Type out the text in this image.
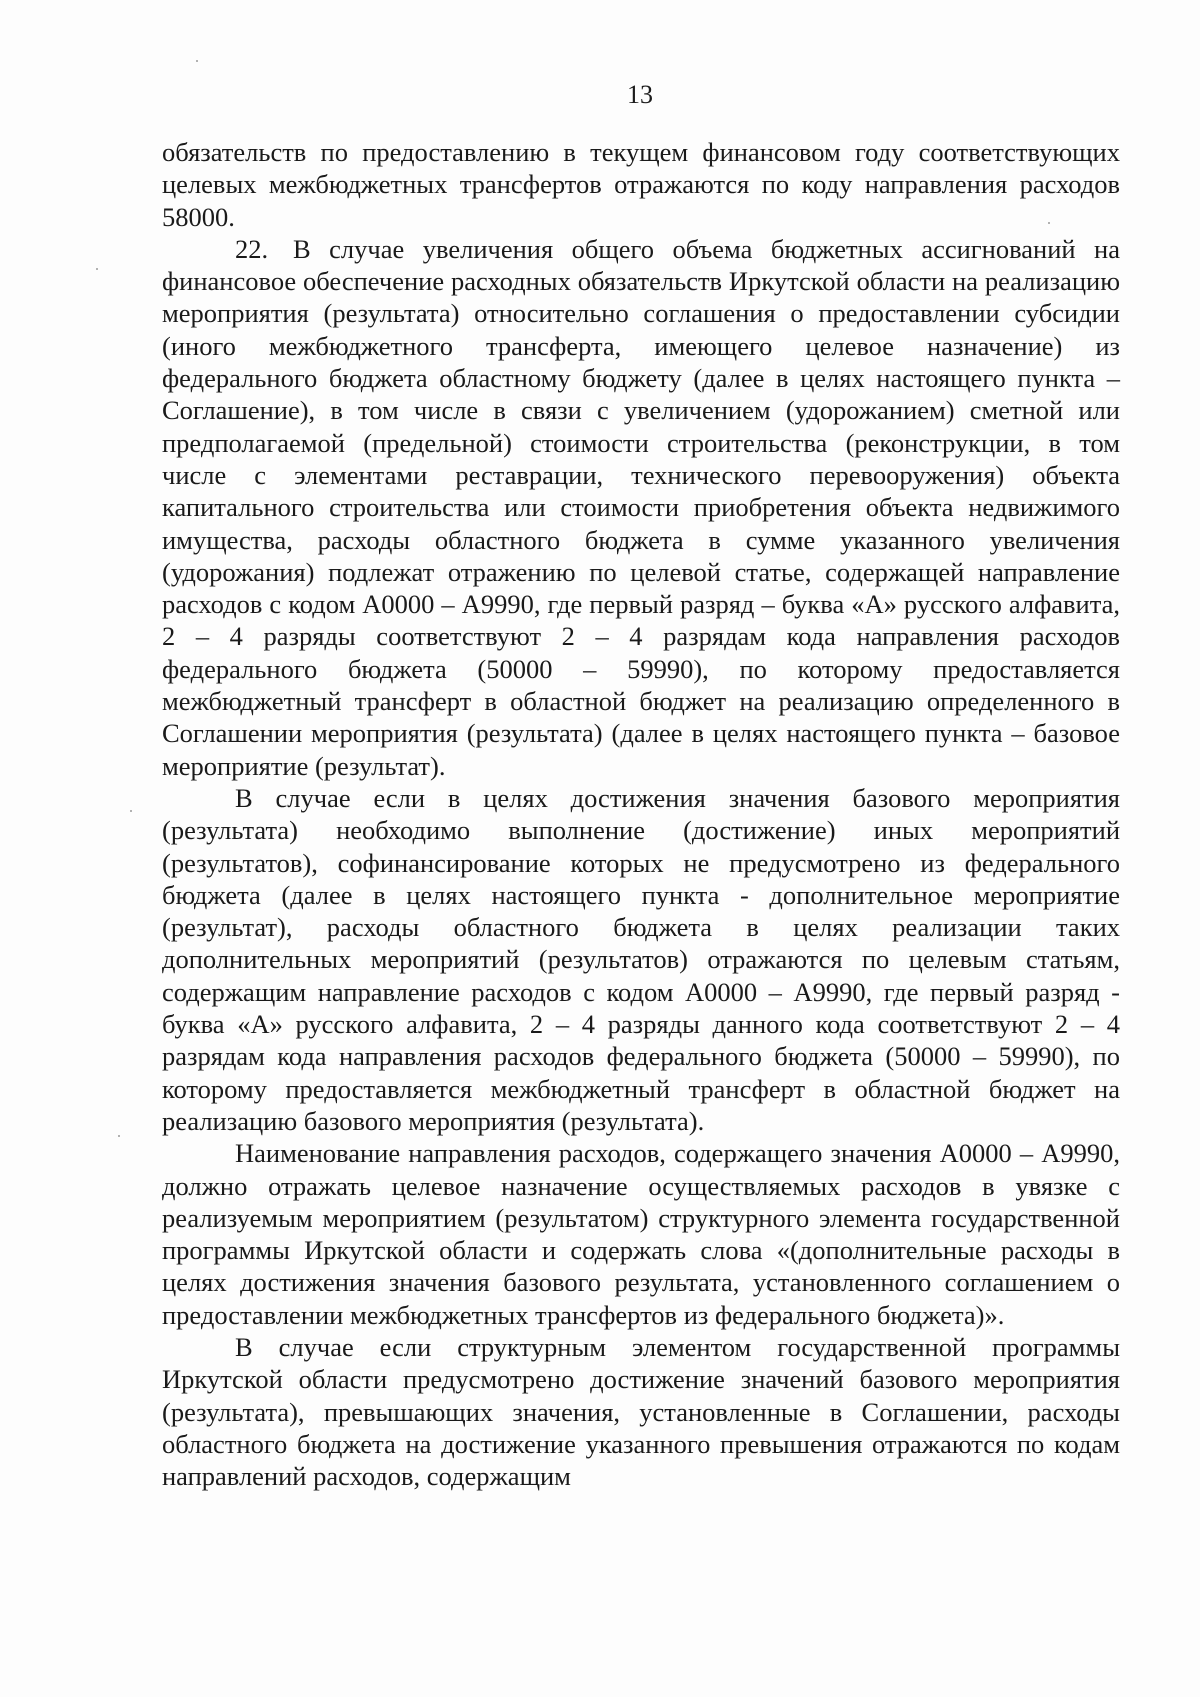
13

обязательств по предоставлению в текущем финансовом году соответствующих целевых межбюджетных трансфертов отражаются по коду направления расходов 58000.

22. В случае увеличения общего объема бюджетных ассигнований на финансовое обеспечение расходных обязательств Иркутской области на реализацию мероприятия (результата) относительно соглашения о предоставлении субсидии (иного межбюджетного трансферта, имеющего целевое назначение) из федерального бюджета областному бюджету (далее в целях настоящего пункта – Соглашение), в том числе в связи с увеличением (удорожанием) сметной или предполагаемой (предельной) стоимости строительства (реконструкции, в том числе с элементами реставрации, технического перевооружения) объекта капитального строительства или стоимости приобретения объекта недвижимого имущества, расходы областного бюджета в сумме указанного увеличения (удорожания) подлежат отражению по целевой статье, содержащей направление расходов с кодом А0000 – А9990, где первый разряд – буква «А» русского алфавита, 2 – 4 разряды соответствуют 2 – 4 разрядам кода направления расходов федерального бюджета (50000 – 59990), по которому предоставляется межбюджетный трансферт в областной бюджет на реализацию определенного в Соглашении мероприятия (результата) (далее в целях настоящего пункта – базовое мероприятие (результат).

В случае если в целях достижения значения базового мероприятия (результата) необходимо выполнение (достижение) иных мероприятий (результатов), софинансирование которых не предусмотрено из федерального бюджета (далее в целях настоящего пункта - дополнительное мероприятие (результат), расходы областного бюджета в целях реализации таких дополнительных мероприятий (результатов) отражаются по целевым статьям, содержащим направление расходов с кодом А0000 – А9990, где первый разряд - буква «А» русского алфавита, 2 – 4 разряды данного кода соответствуют 2 – 4 разрядам кода направления расходов федерального бюджета (50000 – 59990), по которому предоставляется межбюджетный трансферт в областной бюджет на реализацию базового мероприятия (результата).

Наименование направления расходов, содержащего значения А0000 – А9990, должно отражать целевое назначение осуществляемых расходов в увязке с реализуемым мероприятием (результатом) структурного элемента государственной программы Иркутской области и содержать слова «(дополнительные расходы в целях достижения значения базового результата, установленного соглашением о предоставлении межбюджетных трансфертов из федерального бюджета)».

В случае если структурным элементом государственной программы Иркутской области предусмотрено достижение значений базового мероприятия (результата), превышающих значения, установленные в Соглашении, расходы областного бюджета на достижение указанного превышения отражаются по кодам направлений расходов, содержащим
